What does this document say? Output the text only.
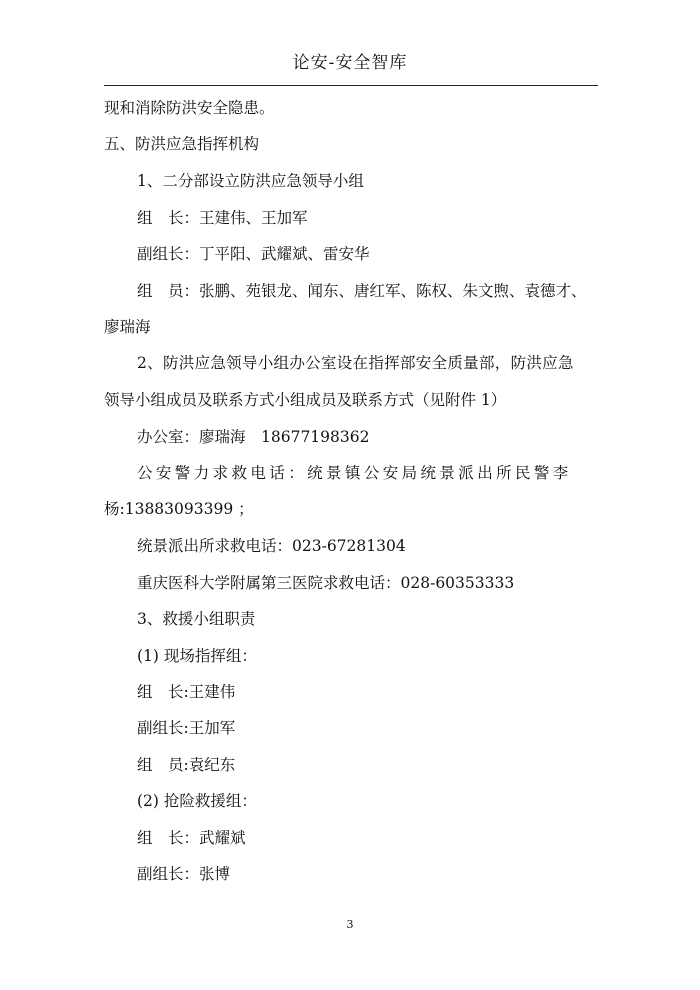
论安-安全智库
现和消除防洪安全隐患。
五、防洪应急指挥机构
1、二分部设立防洪应急领导小组
组　长：王建伟、王加军
副组长：丁平阳、武耀斌、雷安华
组　员：张鹏、苑银龙、闻东、唐红军、陈权、朱文煦、袁德才、
廖瑞海
2、防洪应急领导小组办公室设在指挥部安全质量部，防洪应急
领导小组成员及联系方式小组成员及联系方式（见附件 1）
办公室：廖瑞海　18677198362
公安警力求救电话：统景镇公安局统景派出所民警李
杨:13883093399 ；
统景派出所求救电话：023-67281304
重庆医科大学附属第三医院求救电话：028-60353333
3、救援小组职责
(1) 现场指挥组：
组　长:王建伟
副组长:王加军
组　员:袁纪东
(2) 抢险救援组：
组　长：武耀斌
副组长：张博
3
